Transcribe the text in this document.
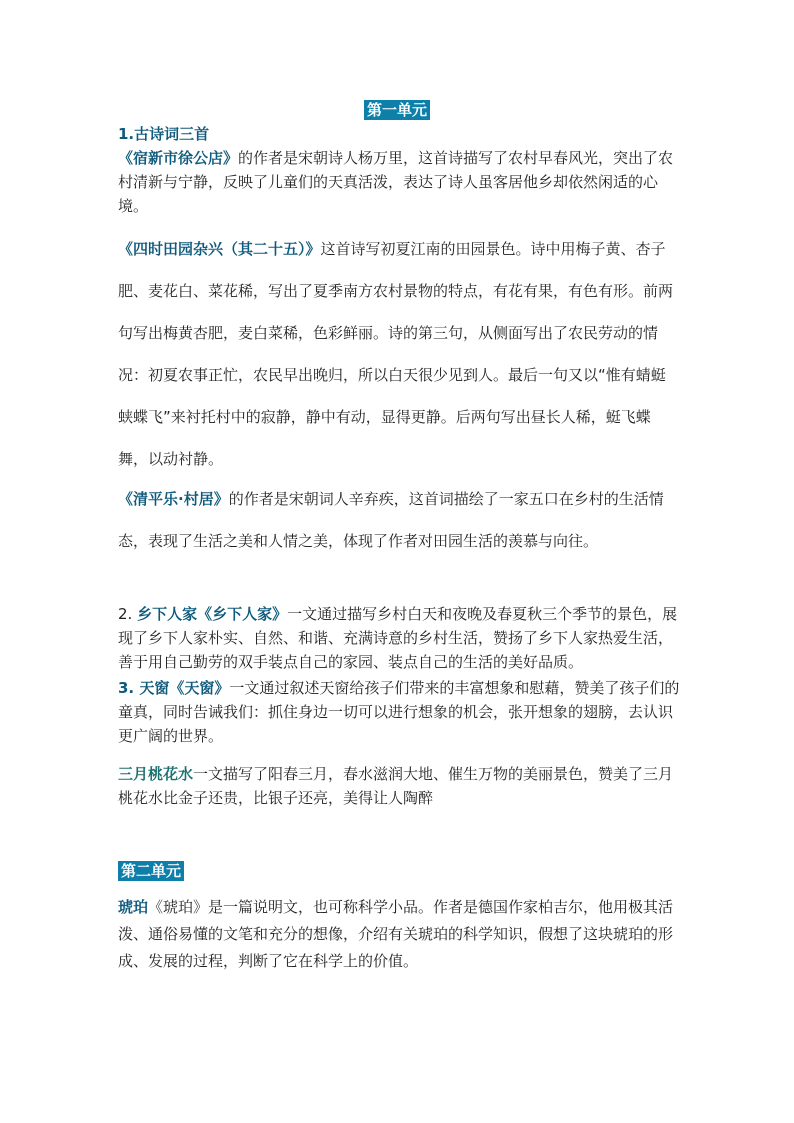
第一单元
1.古诗词三首

《宿新市徐公店》的作者是宋朝诗人杨万里，这首诗描写了农村早春风光，突出了农村清新与宁静，反映了儿童们的天真活泼，表达了诗人虽客居他乡却依然闲适的心境。

《四时田园杂兴（其二十五）》这首诗写初夏江南的田园景色。诗中用梅子黄、杏子肥、麦花白、菜花稀，写出了夏季南方农村景物的特点，有花有果，有色有形。前两句写出梅黄杏肥，麦白菜稀，色彩鲜丽。诗的第三句，从侧面写出了农民劳动的情况：初夏农事正忙，农民早出晚归，所以白天很少见到人。最后一句又以“惟有蜻蜓蛱蝶飞”来衬托村中的寂静，静中有动，显得更静。后两句写出昼长人稀，蜓飞蝶舞，以动衬静。

《清平乐·村居》的作者是宋朝词人辛弃疾，这首词描绘了一家五口在乡村的生活情态，表现了生活之美和人情之美，体现了作者对田园生活的羡慕与向往。

2. 乡下人家《乡下人家》一文通过描写乡村白天和夜晚及春夏秋三个季节的景色，展现了乡下人家朴实、自然、和谐、充满诗意的乡村生活，赞扬了乡下人家热爱生活，善于用自己勤劳的双手装点自己的家园、装点自己的生活的美好品质。

3. 天窗《天窗》一文通过叙述天窗给孩子们带来的丰富想象和慰藉，赞美了孩子们的童真，同时告诫我们：抓住身边一切可以进行想象的机会，张开想象的翅膀，去认识更广阔的世界。

三月桃花水一文描写了阳春三月，春水滋润大地、催生万物的美丽景色，赞美了三月桃花水比金子还贵，比银子还亮，美得让人陶醉

第二单元

琥珀《琥珀》是一篇说明文，也可称科学小品。作者是德国作家柏吉尔，他用极其活泼、通俗易懂的文笔和充分的想像，介绍有关琥珀的科学知识，假想了这块琥珀的形成、发展的过程，判断了它在科学上的价值。
